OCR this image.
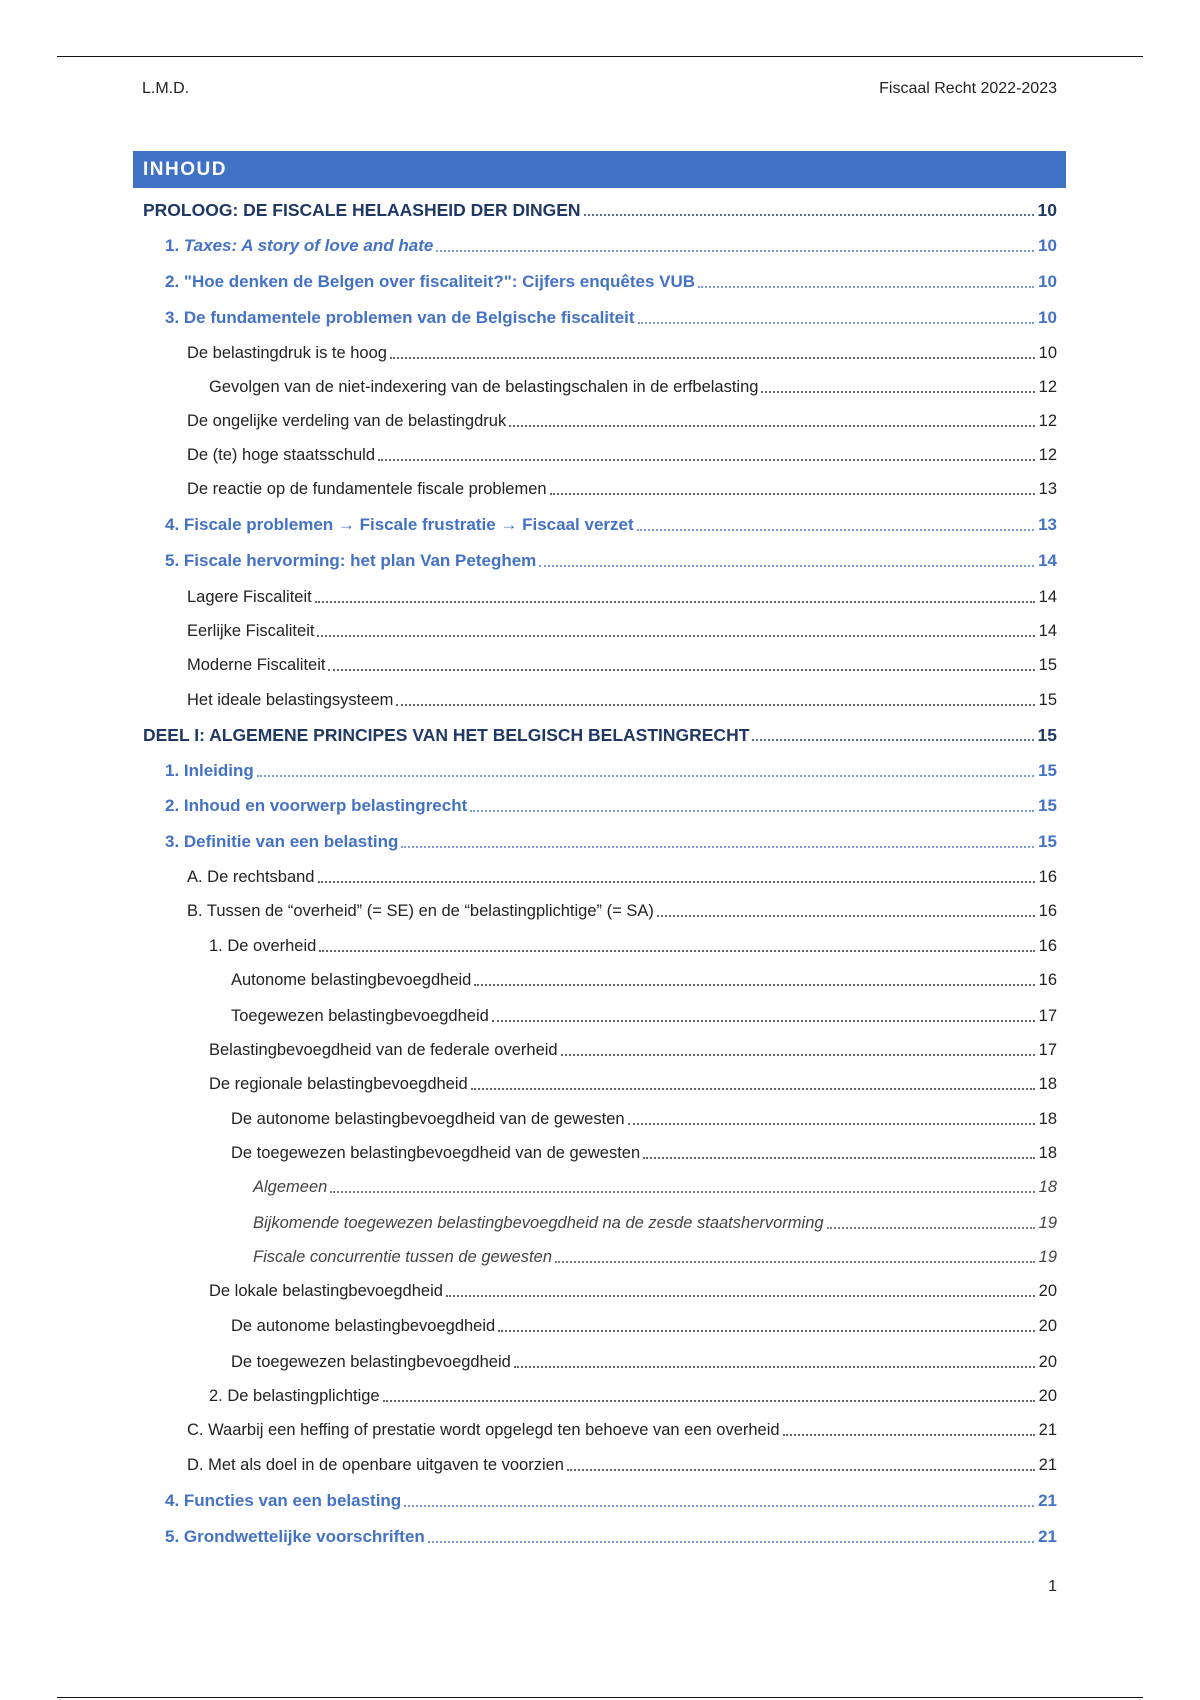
L.M.D.	Fiscaal Recht 2022-2023
INHOUD
PROLOOG: DE FISCALE HELAASHEID DER DINGEN	10
1. Taxes: A story of love and hate	10
2. "Hoe denken de Belgen over fiscaliteit?": Cijfers enquêtes VUB	10
3. De fundamentele problemen van de Belgische fiscaliteit	10
De belastingdruk is te hoog	10
Gevolgen van de niet-indexering van de belastingschalen in de erfbelasting	12
De ongelijke verdeling van de belastingdruk	12
De (te) hoge staatsschuld	12
De reactie op de fundamentele fiscale problemen	13
4. Fiscale problemen → Fiscale frustratie → Fiscaal verzet	13
5. Fiscale hervorming: het plan Van Peteghem	14
Lagere Fiscaliteit	14
Eerlijke Fiscaliteit	14
Moderne Fiscaliteit	15
Het ideale belastingsysteem	15
DEEL I: ALGEMENE PRINCIPES VAN HET BELGISCH BELASTINGRECHT	15
1. Inleiding	15
2. Inhoud en voorwerp belastingrecht	15
3. Definitie van een belasting	15
A. De rechtsband	16
B. Tussen de “overheid” (= SE) en de “belastingplichtige” (= SA)	16
1. De overheid	16
Autonome belastingbevoegdheid	16
Toegewezen belastingbevoegdheid	17
Belastingbevoegdheid van de federale overheid	17
De regionale belastingbevoegdheid	18
De autonome belastingbevoegdheid van de gewesten	18
De toegewezen belastingbevoegdheid van de gewesten	18
Algemeen	18
Bijkomende toegewezen belastingbevoegdheid na de zesde staatshervorming	19
Fiscale concurrentie tussen de gewesten	19
De lokale belastingbevoegdheid	20
De autonome belastingbevoegdheid	20
De toegewezen belastingbevoegdheid	20
2. De belastingplichtige	20
C. Waarbij een heffing of prestatie wordt opgelegd ten behoeve van een overheid	21
D. Met als doel in de openbare uitgaven te voorzien	21
4. Functies van een belasting	21
5. Grondwettelijke voorschriften	21
1
